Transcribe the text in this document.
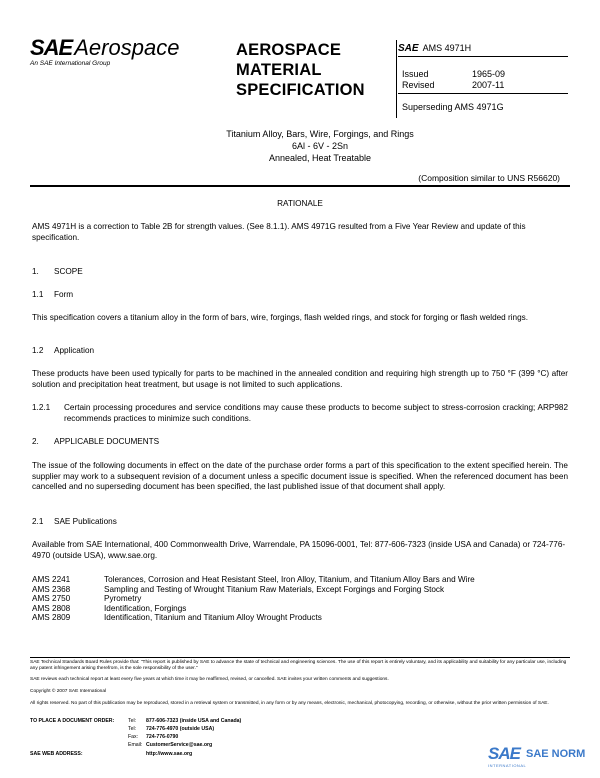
SAEAerospace
An SAE International Group
AEROSPACE
MATERIAL
SPECIFICATION
SAE AMS 4971H
Issued	1965-09
Revised	2007-11
Superseding AMS 4971G
Titanium Alloy, Bars, Wire, Forgings, and Rings
6Al - 6V - 2Sn
Annealed, Heat Treatable
(Composition similar to UNS R56620)
RATIONALE
AMS 4971H is a correction to Table 2B for strength values. (See 8.1.1). AMS 4971G resulted from a Five Year Review and update of this specification.
1. SCOPE
1.1 Form
This specification covers a titanium alloy in the form of bars, wire, forgings, flash welded rings, and stock for forging or flash welded rings.
1.2 Application
These products have been used typically for parts to be machined in the annealed condition and requiring high strength up to 750 °F (399 °C) after solution and precipitation heat treatment, but usage is not limited to such applications.
1.2.1	Certain processing procedures and service conditions may cause these products to become subject to stress-corrosion cracking; ARP982 recommends practices to minimize such conditions.
2. APPLICABLE DOCUMENTS
The issue of the following documents in effect on the date of the purchase order forms a part of this specification to the extent specified herein. The supplier may work to a subsequent revision of a document unless a specific document issue is specified. When the referenced document has been cancelled and no superseding document has been specified, the last published issue of that document shall apply.
2.1 SAE Publications
Available from SAE International, 400 Commonwealth Drive, Warrendale, PA 15096-0001, Tel: 877-606-7323 (inside USA and Canada) or 724-776-4970 (outside USA), www.sae.org.
AMS 2241	Tolerances, Corrosion and Heat Resistant Steel, Iron Alloy, Titanium, and Titanium Alloy Bars and Wire
AMS 2368	Sampling and Testing of Wrought Titanium Raw Materials, Except Forgings and Forging Stock
AMS 2750	Pyrometry
AMS 2808	Identification, Forgings
AMS 2809	Identification, Titanium and Titanium Alloy Wrought Products
SAE Technical Standards Board Rules provide that: "This report is published by SAE to advance the state of technical and engineering sciences. The use of this report is entirely voluntary, and its applicability and suitability for any particular use, including any patent infringement arising therefrom, is the sole responsibility of the user."
SAE reviews each technical report at least every five years at which time it may be reaffirmed, revised, or cancelled. SAE invites your written comments and suggestions.
Copyright © 2007 SAE International
All rights reserved. No part of this publication may be reproduced, stored in a retrieval system or transmitted, in any form or by any means, electronic, mechanical, photocopying, recording, or otherwise, without the prior written permission of SAE.
TO PLACE A DOCUMENT ORDER:	Tel: 877-606-7323 (inside USA and Canada)
Tel: 724-776-4970 (outside USA)
Fax: 724-776-0790
Email: CustomerService@sae.org
SAE WEB ADDRESS:	http://www.sae.org	SAE SAE NORM
INTERNATIONAL
